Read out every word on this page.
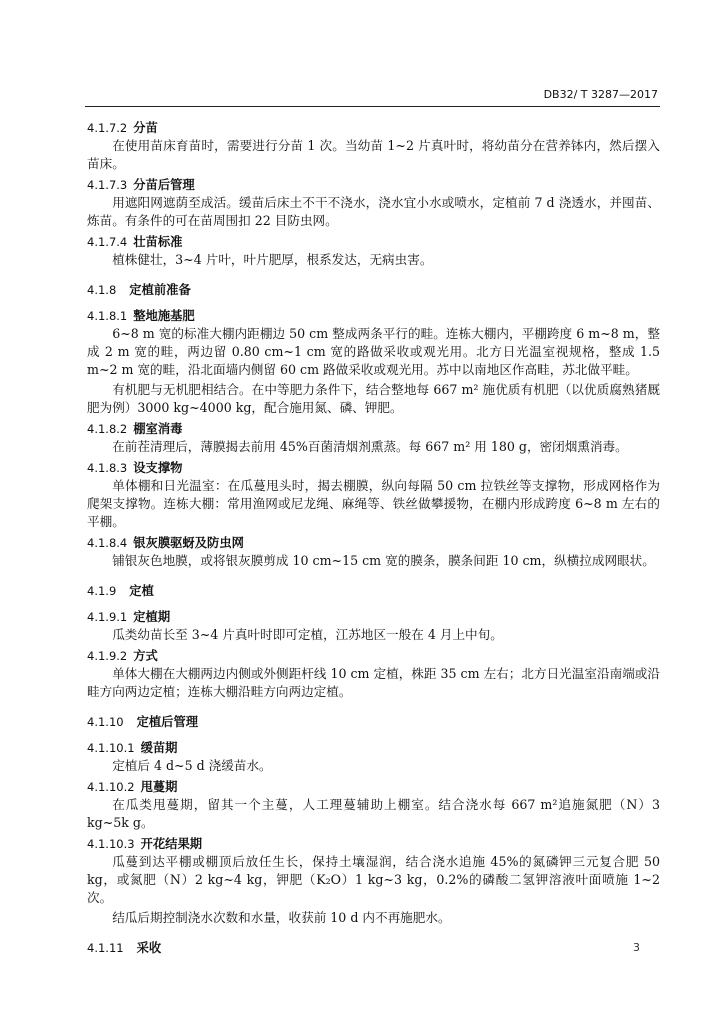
DB32/ T 3287—2017
4.1.7.2 分苗

在使用苗床育苗时，需要进行分苗 1 次。当幼苗 1~2 片真叶时，将幼苗分在营养钵内，然后摆入苗床。

4.1.7.3 分苗后管理

用遮阳网遮荫至成活。缓苗后床土不干不浇水，浇水宜小水或喷水，定植前 7 d 浇透水，并囤苗、炼苗。有条件的可在苗周围扣 22 目防虫网。

4.1.7.4 壮苗标准

植株健壮，3~4 片叶，叶片肥厚，根系发达，无病虫害。

4.1.8 定植前准备
4.1.8.1 整地施基肥

6~8 m 宽的标准大棚内距棚边 50 cm 整成两条平行的畦。连栋大棚内，平棚跨度 6 m~8 m，整成 2 m 宽的畦，两边留 0.80 cm~1 cm 宽的路做采收或观光用。北方日光温室视规格，整成 1.5 m~2 m 宽的畦，沿北面墙内侧留 60 cm 路做采收或观光用。苏中以南地区作高畦，苏北做平畦。

有机肥与无机肥相结合。在中等肥力条件下，结合整地每 667 m² 施优质有机肥（以优质腐熟猪厩肥为例）3000 kg~4000 kg，配合施用氮、磷、钾肥。

4.1.8.2 棚室消毒

在前茬清理后，薄膜揭去前用 45%百菌清烟剂熏蒸。每 667 m² 用 180 g，密闭烟熏消毒。

4.1.8.3 设支撑物

单体棚和日光温室：在瓜蔓甩头时，揭去棚膜，纵向每隔 50 cm 拉铁丝等支撑物，形成网格作为爬架支撑物。连栋大棚：常用渔网或尼龙绳、麻绳等、铁丝做攀援物，在棚内形成跨度 6~8 m 左右的平棚。

4.1.8.4 银灰膜驱蚜及防虫网

铺银灰色地膜，或将银灰膜剪成 10 cm~15 cm 宽的膜条，膜条间距 10 cm，纵横拉成网眼状。

4.1.9 定植
4.1.9.1 定植期

瓜类幼苗长至 3~4 片真叶时即可定植，江苏地区一般在 4 月上中旬。

4.1.9.2 方式

单体大棚在大棚两边内侧或外侧距杆线 10 cm 定植，株距 35 cm 左右；北方日光温室沿南端或沿畦方向两边定植；连栋大棚沿畦方向两边定植。

4.1.10 定植后管理
4.1.10.1 缓苗期

定植后 4 d~5 d 浇缓苗水。

4.1.10.2 甩蔓期

在瓜类甩蔓期，留其一个主蔓，人工理蔓辅助上棚室。结合浇水每 667 m²追施氮肥（N）3 kg~5k g。

4.1.10.3 开花结果期

瓜蔓到达平棚或棚顶后放任生长，保持土壤湿润，结合浇水追施 45%的氮磷钾三元复合肥 50 kg，或氮肥（N）2 kg~4 kg，钾肥（K₂O）1 kg~3 kg，0.2%的磷酸二氢钾溶液叶面喷施 1~2 次。

结瓜后期控制浇水次数和水量，收获前 10 d 内不再施肥水。

4.1.11 采收	3
